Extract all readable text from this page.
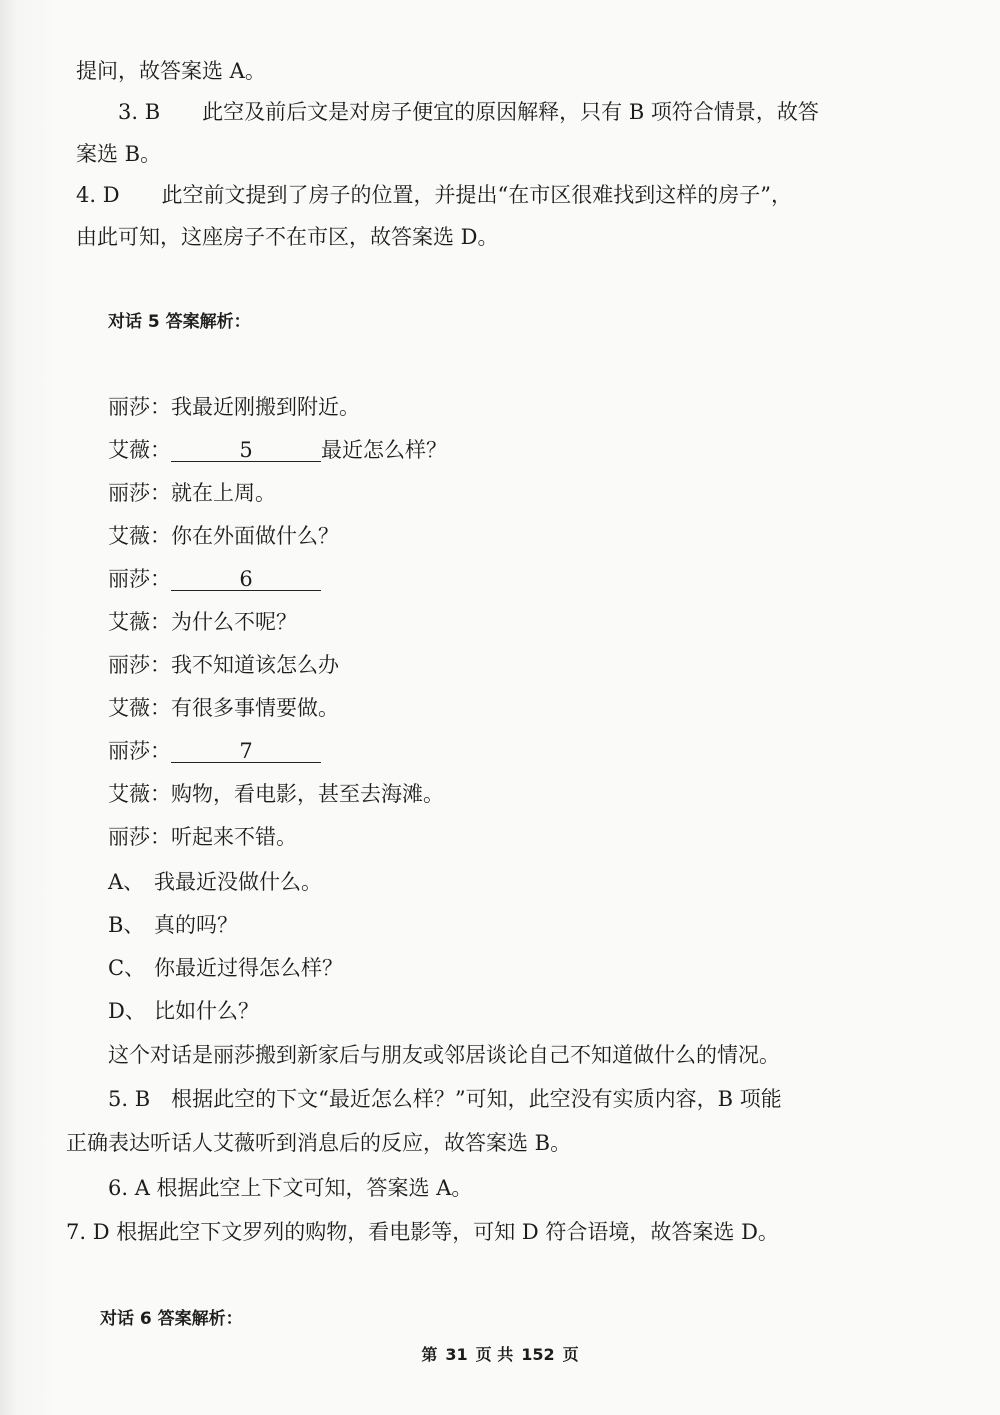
提问，故答案选 A。
3. B　　此空及前后文是对房子便宜的原因解释，只有 B 项符合情景，故答
案选 B。
4. D　　此空前文提到了房子的位置，并提出“在市区很难找到这样的房子”，
由此可知，这座房子不在市区，故答案选 D。
对话 5 答案解析：
丽莎：我最近刚搬到附近。
艾薇：	5	最近怎么样？
丽莎：就在上周。
艾薇：你在外面做什么？
丽莎：	6
艾薇：为什么不呢？
丽莎：我不知道该怎么办
艾薇：有很多事情要做。
丽莎：	7
艾薇：购物，看电影，甚至去海滩。
丽莎：听起来不错。
A、 我最近没做什么。
B、 真的吗？
C、 你最近过得怎么样？
D、 比如什么？
这个对话是丽莎搬到新家后与朋友或邻居谈论自己不知道做什么的情况。
5. B　根据此空的下文“最近怎么样？”可知，此空没有实质内容，B 项能
正确表达听话人艾薇听到消息后的反应，故答案选 B。
6. A 根据此空上下文可知，答案选 A。
7. D 根据此空下文罗列的购物，看电影等，可知 D 符合语境，故答案选 D。
对话 6 答案解析：
第 31 页 共 152 页
